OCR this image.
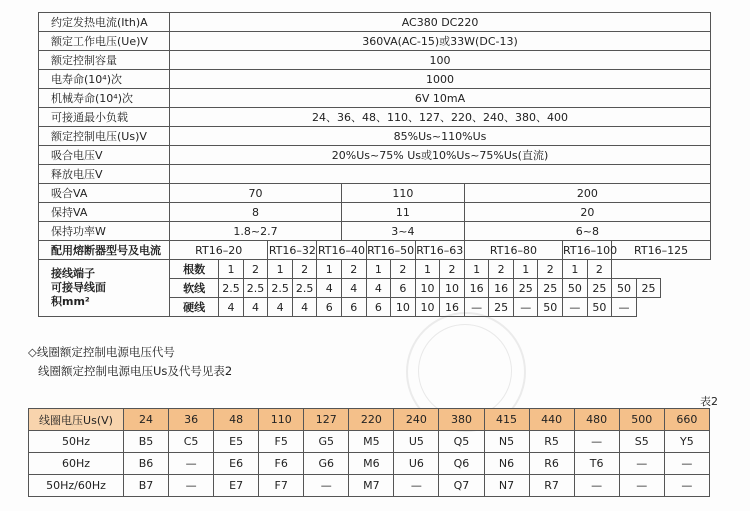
约定发热电流(Ith)A	AC380 DC220																		
额定工作电压(Ue)V	360VA(AC-15)或33W(DC-13)																		
额定控制容量	100																		
电寿命(10⁴)次	1000																		
机械寿命(10⁴)次	6V 10mA																		
可接通最小负载	24、36、48、110、127、220、240、380、400																		
额定控制电压(Us)V	85%Us~110%Us																		
吸合电压V	20%Us~75% Us或10%Us~75%Us(直流)																		
释放电压V																			
吸合VA	70						110					200							
保持VA	8						11					20							
保持功率W	1.8~2.7						3~4					6~8							
配用熔断器型号及电流	RT16–20			RT16–32		RT16–40		RT16–50		RT16–63		RT16–80				RT16–100		RT16–125	

接线端子
可接导线面
积mm²	根数	1	2	1	2	1	2	1	2	1	2	1	2	1	2	1	2		
	软线	2.5	2.5	2.5	2.5	4	4	4	6	10	10	16	16	25	25	50	25	50	25
	硬线	4	4	4	4	6	6	6	10	10	16	—	25	—	50	—	50	—	
◇线圈额定控制电源电压代号
线圈额定控制电源电压Us及代号见表2
表2
线圈电压Us(V)	24	36	48	110	127	220	240	380	415	440	480	500	660
50Hz	B5	C5	E5	F5	G5	M5	U5	Q5	N5	R5	—	S5	Y5
60Hz	B6	—	E6	F6	G6	M6	U6	Q6	N6	R6	T6	—	—
50Hz/60Hz	B7	—	E7	F7	—	M7	—	Q7	N7	R7	—	—	—
